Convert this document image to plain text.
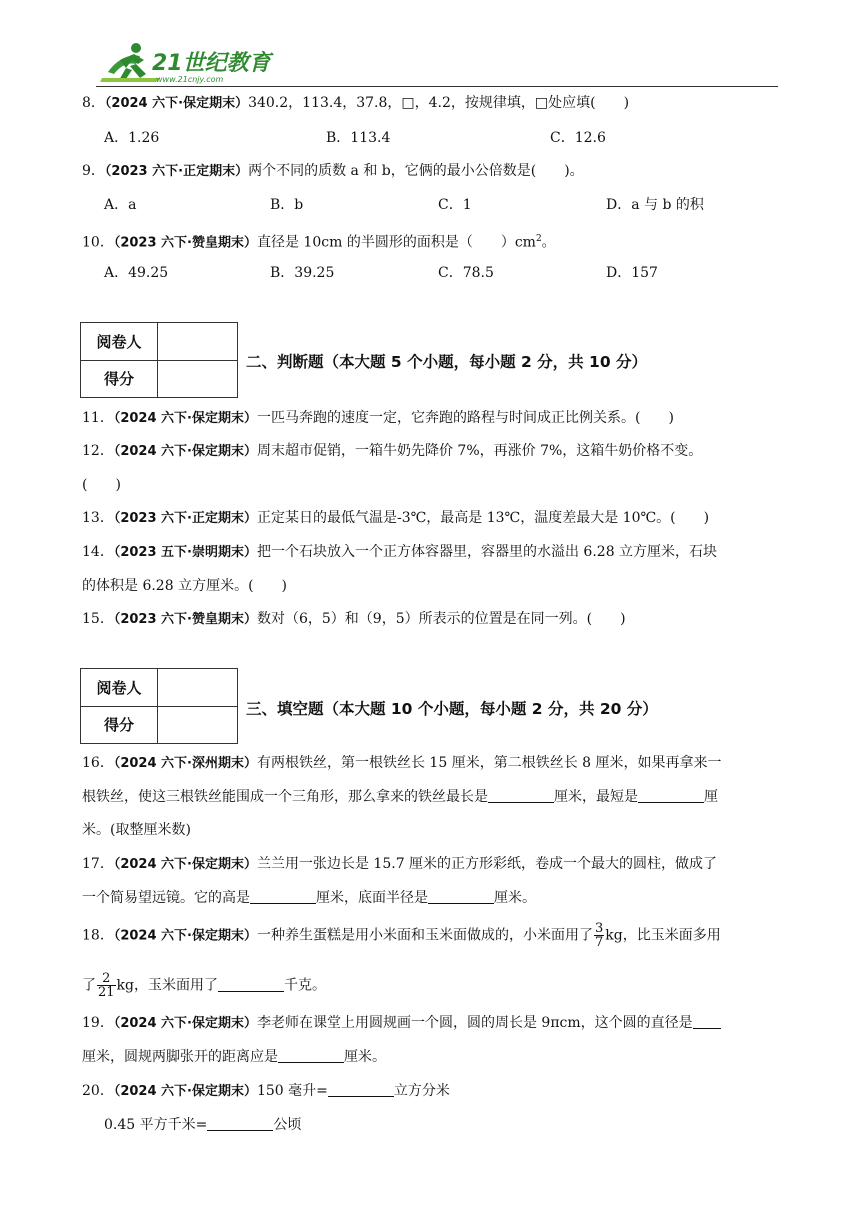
21世纪教育
www.21cnjy.com
8．（2024 六下·保定期末）340.2，113.4，37.8，□，4.2，按规律填，□处应填(　　)
A．1.26	B．113.4	C．12.6
9．（2023 六下·正定期末）两个不同的质数 a 和 b，它俩的最小公倍数是(　　)。
A．a	B．b	C．1	D．a 与 b 的积
10．（2023 六下·赞皇期末）直径是 10cm 的半圆形的面积是（　　）$cm^2$。
A．49.25	B．39.25	C．78.5	D．157
阅卷人	
得分	
二、判断题（本大题 5 个小题，每小题 2 分，共 10 分）
11．（2024 六下·保定期末）一匹马奔跑的速度一定，它奔跑的路程与时间成正比例关系。(　　)
12．（2024 六下·保定期末）周末超市促销，一箱牛奶先降价 7%，再涨价 7%，这箱牛奶价格不变。
(　　)
13．（2023 六下·正定期末）正定某日的最低气温是-3℃，最高是 13℃，温度差最大是 10℃。(　　)
14．（2023 五下·崇明期末）把一个石块放入一个正方体容器里，容器里的水溢出 6.28 立方厘米，石块
的体积是 6.28 立方厘米。(　　)
15．（2023 六下·赞皇期末）数对（6，5）和（9，5）所表示的位置是在同一列。(　　)
阅卷人	
得分	
三、填空题（本大题 10 个小题，每小题 2 分，共 20 分）
16．（2024 六下·深州期末）有两根铁丝，第一根铁丝长 15 厘米，第二根铁丝长 8 厘米，如果再拿来一
根铁丝，使这三根铁丝能围成一个三角形，那么拿来的铁丝最长是	厘米，最短是	厘
米。(取整厘米数)
17．（2024 六下·保定期末）兰兰用一张边长是 15.7 厘米的正方形彩纸，卷成一个最大的圆柱，做成了
一个简易望远镜。它的高是	厘米，底面半径是	厘米。
18．（2024 六下·保定期末）一种养生蛋糕是用小米面和玉米面做成的，小米面用了 $\frac{3}{7}$ kg，比玉米面多用
了 $\frac{2}{21}$ kg，玉米面用了	千克。
19．（2024 六下·保定期末）李老师在课堂上用圆规画一个圆，圆的周长是 9πcm，这个圆的直径是
厘米，圆规两脚张开的距离应是	厘米。
20．（2024 六下·保定期末）150 毫升=	立方分米
0.45 平方千米=	公顷
